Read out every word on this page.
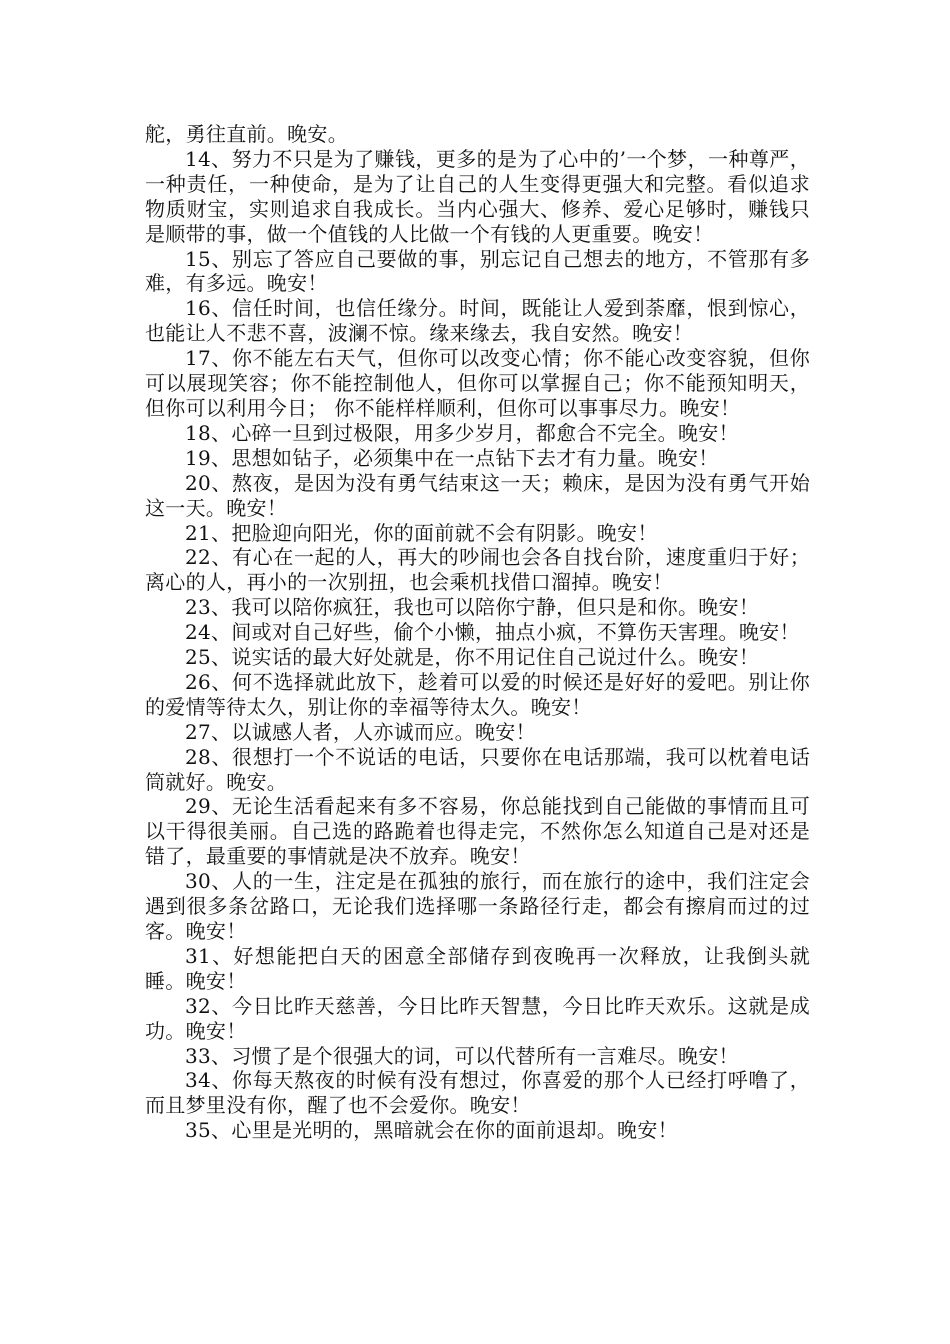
舵，勇往直前。晚安。

14、努力不只是为了赚钱，更多的是为了心中的’一个梦，一种尊严，一种责任，一种使命，是为了让自己的人生变得更强大和完整。看似追求物质财宝，实则追求自我成长。当内心强大、修养、爱心足够时，赚钱只是顺带的事，做一个值钱的人比做一个有钱的人更重要。晚安！

15、别忘了答应自己要做的事，别忘记自己想去的地方，不管那有多难，有多远。晚安！

16、信任时间，也信任缘分。时间，既能让人爱到荼靡，恨到惊心，也能让人不悲不喜，波澜不惊。缘来缘去，我自安然。晚安！

17、你不能左右天气，但你可以改变心情；你不能心改变容貌，但你可以展现笑容；你不能控制他人，但你可以掌握自己；你不能预知明天，但你可以利用今日； 你不能样样顺利，但你可以事事尽力。晚安！

18、心碎一旦到过极限，用多少岁月，都愈合不完全。晚安！

19、思想如钻子，必须集中在一点钻下去才有力量。晚安！

20、熬夜，是因为没有勇气结束这一天；赖床，是因为没有勇气开始这一天。晚安！

21、把脸迎向阳光，你的面前就不会有阴影。晚安！

22、有心在一起的人，再大的吵闹也会各自找台阶，速度重归于好；离心的人，再小的一次别扭，也会乘机找借口溜掉。晚安！

23、我可以陪你疯狂，我也可以陪你宁静，但只是和你。晚安！

24、间或对自己好些，偷个小懒，抽点小疯，不算伤天害理。晚安！

25、说实话的最大好处就是，你不用记住自己说过什么。晚安！

26、何不选择就此放下，趁着可以爱的时候还是好好的爱吧。别让你的爱情等待太久，别让你的幸福等待太久。晚安！

27、以诚感人者，人亦诚而应。晚安！

28、很想打一个不说话的电话，只要你在电话那端，我可以枕着电话筒就好。晚安。

29、无论生活看起来有多不容易，你总能找到自己能做的事情而且可以干得很美丽。自己选的路跪着也得走完，不然你怎么知道自己是对还是错了，最重要的事情就是决不放弃。晚安！

30、人的一生，注定是在孤独的旅行，而在旅行的途中，我们注定会遇到很多条岔路口，无论我们选择哪一条路径行走，都会有擦肩而过的过客。晚安！

31、好想能把白天的困意全部储存到夜晚再一次释放，让我倒头就睡。晚安！

32、今日比昨天慈善，今日比昨天智慧，今日比昨天欢乐。这就是成功。晚安！

33、习惯了是个很强大的词，可以代替所有一言难尽。晚安！

34、你每天熬夜的时候有没有想过，你喜爱的那个人已经打呼噜了，而且梦里没有你，醒了也不会爱你。晚安！

35、心里是光明的，黑暗就会在你的面前退却。晚安！
